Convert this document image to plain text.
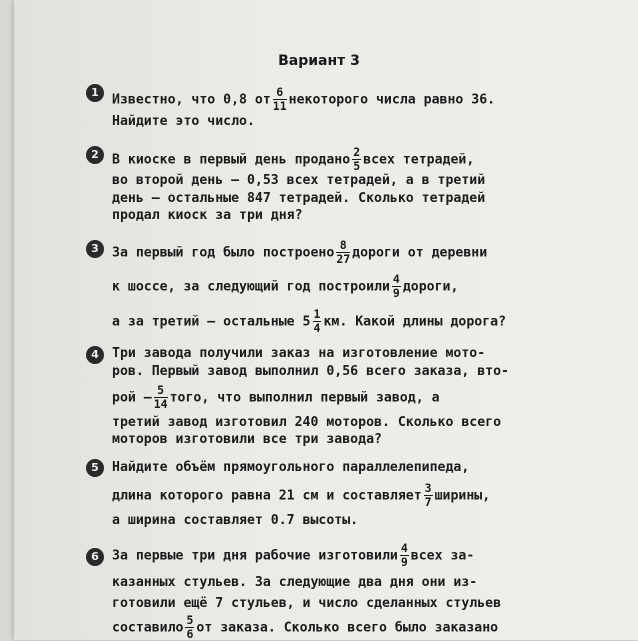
Вариант 3
1 Известно, что 0,8 от $\frac{6}{11}$ некоторого числа равно 36.
Найдите это число.
2 В киоске в первый день продано $\frac{2}{5}$ всех тетрадей,
во второй день — 0,53 всех тетрадей, а в третий
день — остальные 847 тетрадей. Сколько тетрадей
продал киоск за три дня?
3 За первый год было построено $\frac{8}{27}$ дороги от деревни
к шоссе, за следующий год построили $\frac{4}{9}$ дороги,
а за третий — остальные $5 \frac{1}{4}$ км. Какой длины дорога?
4 Три завода получили заказ на изготовление мото-
ров. Первый завод выполнил 0,56 всего заказа, вто-
рой — $\frac{5}{14}$ того, что выполнил первый завод, а
третий завод изготовил 240 моторов. Сколько всего
моторов изготовили все три завода?
5 Найдите объём прямоугольного параллелепипеда,
длина которого равна 21 см и составляет $\frac{3}{7}$ ширины,
а ширина составляет 0.7 высоты.
6 За первые три дня рабочие изготовили $\frac{4}{9}$ всех за-
казанных стульев. За следующие два дня они из-
готовили ещё 7 стульев, и число сделанных стульев
составило $\frac{5}{6}$ от заказа. Сколько всего было заказано
